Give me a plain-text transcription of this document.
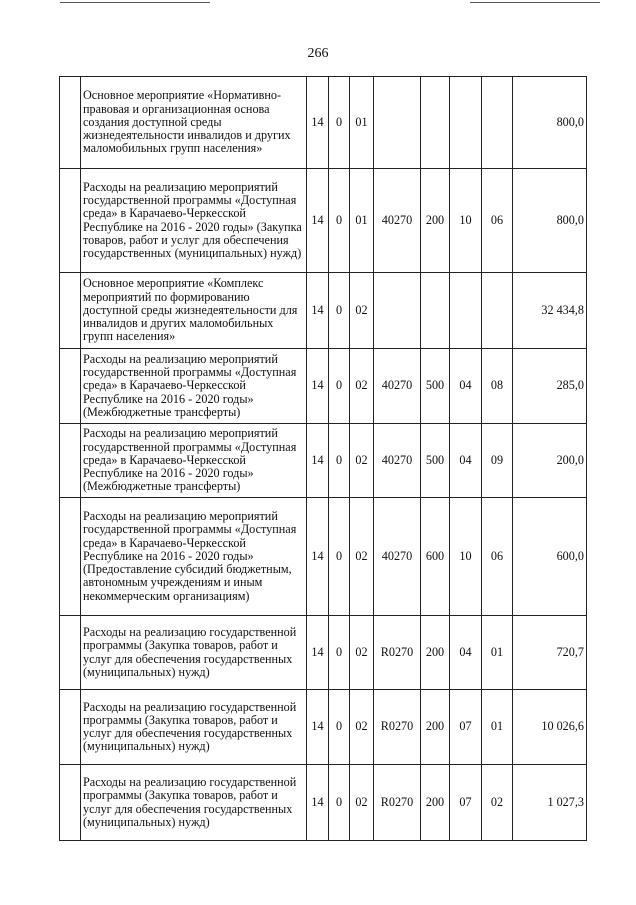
266
	Основное мероприятие «Нормативно-правовая и организационная основа создания доступной среды жизнедеятельности инвалидов и других маломобильных групп населения»	14	0	01					800,0
	Расходы на реализацию мероприятий государственной программы «Доступная среда» в Карачаево-Черкесской Республике на 2016 - 2020 годы» (Закупка товаров, работ и услуг для обеспечения государственных (муниципальных) нужд)	14	0	01	40270	200	10	06	800,0
	Основное мероприятие «Комплекс мероприятий по формированию доступной среды жизнедеятельности для инвалидов и других маломобильных групп населения»	14	0	02					32 434,8
	Расходы на реализацию мероприятий государственной программы «Доступная среда» в Карачаево-Черкесской Республике на 2016 - 2020 годы» (Межбюджетные трансферты)	14	0	02	40270	500	04	08	285,0
	Расходы на реализацию мероприятий государственной программы «Доступная среда» в Карачаево-Черкесской Республике на 2016 - 2020 годы» (Межбюджетные трансферты)	14	0	02	40270	500	04	09	200,0
	Расходы на реализацию мероприятий государственной программы «Доступная среда» в Карачаево-Черкесской Республике на 2016 - 2020 годы» (Предоставление субсидий бюджетным, автономным учреждениям и иным некоммерческим организациям)	14	0	02	40270	600	10	06	600,0
	Расходы на реализацию государственной программы (Закупка товаров, работ и услуг для обеспечения государственных (муниципальных) нужд)	14	0	02	R0270	200	04	01	720,7
	Расходы на реализацию государственной программы (Закупка товаров, работ и услуг для обеспечения государственных (муниципальных) нужд)	14	0	02	R0270	200	07	01	10 026,6
	Расходы на реализацию государственной программы (Закупка товаров, работ и услуг для обеспечения государственных (муниципальных) нужд)	14	0	02	R0270	200	07	02	1 027,3
